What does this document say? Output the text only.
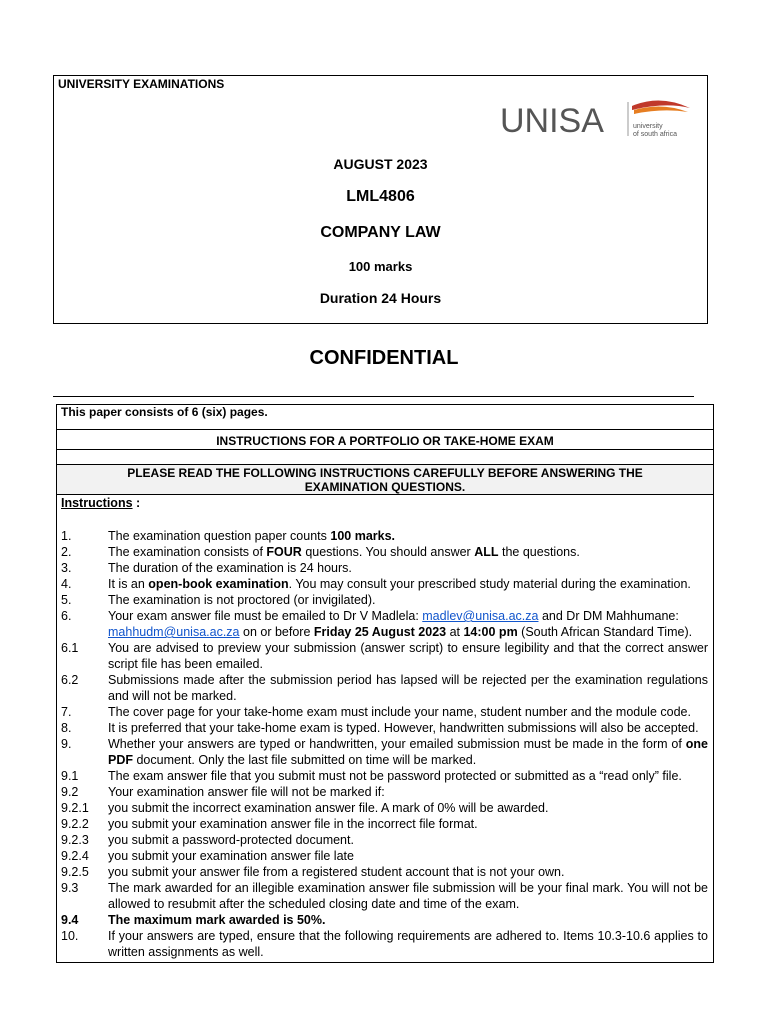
UNIVERSITY EXAMINATIONS
UNISA	university
of south africa
AUGUST 2023
LML4806
COMPANY LAW
100 marks
Duration 24 Hours
CONFIDENTIAL
This paper consists of 6 (six) pages.
INSTRUCTIONS FOR A PORTFOLIO OR TAKE-HOME EXAM
PLEASE READ THE FOLLOWING INSTRUCTIONS CAREFULLY BEFORE ANSWERING THE
EXAMINATION QUESTIONS.
Instructions :
1.	The examination question paper counts 100 marks.
2.	The examination consists of FOUR questions. You should answer ALL the questions.
3.	The duration of the examination is 24 hours.
4.	It is an open-book examination. You may consult your prescribed study material during the examination.
5.	The examination is not proctored (or invigilated).
6.	Your exam answer file must be emailed to Dr V Madlela: madlev@unisa.ac.za and Dr DM Mahhumane:
mahhudm@unisa.ac.za on or before Friday 25 August 2023 at 14:00 pm (South African Standard Time).
6.1 You are advised to preview your submission (answer script) to ensure legibility and that the correct answer script file has been emailed.
6.2 Submissions made after the submission period has lapsed will be rejected per the examination regulations and will not be marked.
7.	The cover page for your take-home exam must include your name, student number and the module code.
8.	It is preferred that your take-home exam is typed. However, handwritten submissions will also be accepted.
9.	Whether your answers are typed or handwritten, your emailed submission must be made in the form of one PDF document. Only the last file submitted on time will be marked.
9.1 The exam answer file that you submit must not be password protected or submitted as a “read only” file.
9.2 Your examination answer file will not be marked if:
9.2.1 you submit the incorrect examination answer file. A mark of 0% will be awarded.
9.2.2 you submit your examination answer file in the incorrect file format.
9.2.3 you submit a password-protected document.
9.2.4 you submit your examination answer file late
9.2.5 you submit your answer file from a registered student account that is not your own.
9.3 The mark awarded for an illegible examination answer file submission will be your final mark. You will not be allowed to resubmit after the scheduled closing date and time of the exam.
9.4 The maximum mark awarded is 50%.
10. If your answers are typed, ensure that the following requirements are adhered to. Items 10.3-10.6 applies to written assignments as well.
